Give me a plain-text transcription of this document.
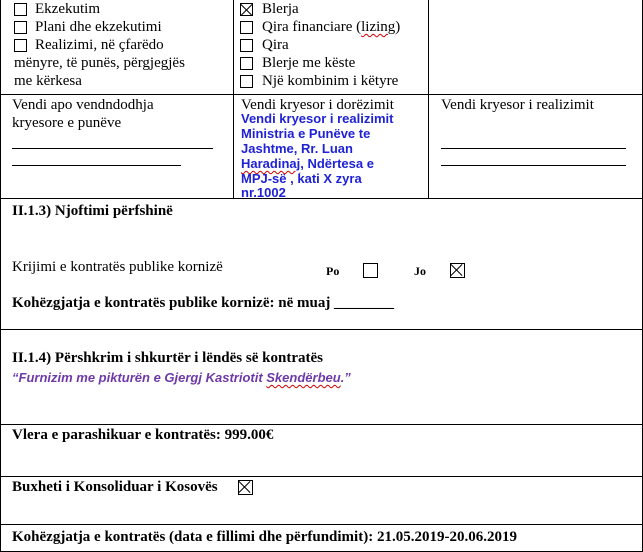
Ekzekutim
Plani dhe ekzekutimi
Realizimi, në çfarëdo
mënyre, të punës, përgjegjës
me kërkesa
Blerja
Qira financiare (lizing)
Qira
Blerje me këste
Një kombinim i këtyre
Vendi apo vendndodhja
kryesore e punëve
Vendi kryesor i dorëzimit
Vendi kryesor i realizimit
Ministria e Punëve te
Jashtme, Rr. Luan
Haradinaj, Ndërtesa e
MPJ-së , kati X zyra
nr.1002
Vendi kryesor i realizimit
II.1.3) Njoftimi përfshinë
Krijimi e kontratës publike kornizë	Po	Jo
Kohëzgjatja e kontratës publike kornizë: në muaj ________
II.1.4) Përshkrim i shkurtër i lëndës së kontratës
“Furnizim me pikturën e Gjergj Kastriotit Skendërbeu.”
Vlera e parashikuar e kontratës: 999.00€
Buxheti i Konsoliduar i Kosovës
Kohëzgjatja e kontratës (data e fillimi dhe përfundimit): 21.05.2019-20.06.2019
